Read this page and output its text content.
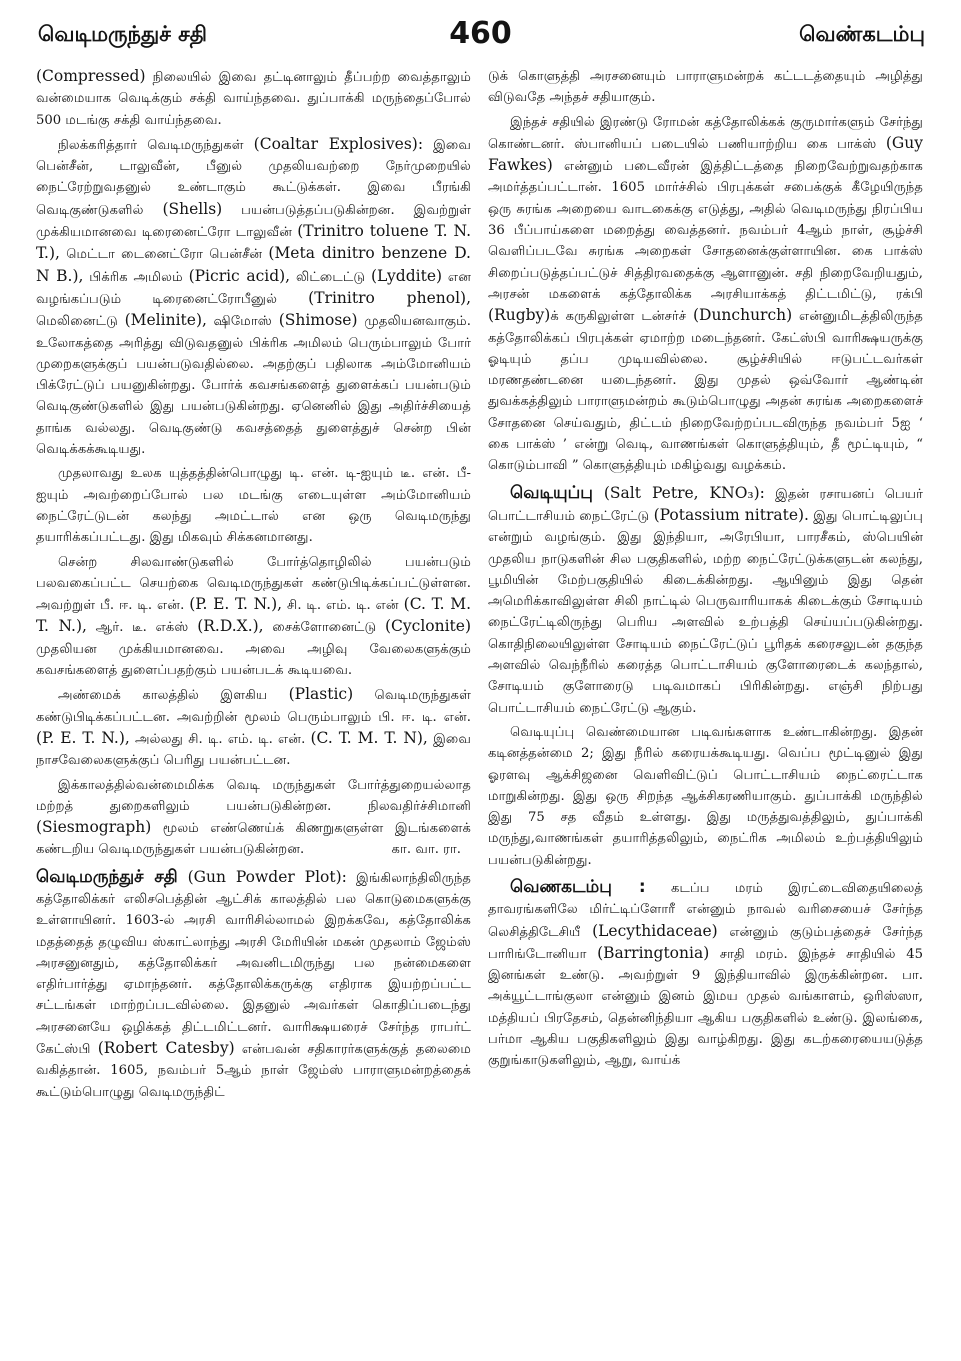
வெடிமருந்துச் சதி	460	வெண்கடம்பு

(Compressed) நிலையில் இவை தட்டினாலும் தீப்பற்ற வைத்தாலும் வன்மையாக வெடிக்கும் சக்தி வாய்ந்தவை. துப்பாக்கி மருந்தைப்போல் 500 மடங்கு சக்தி வாய்ந்தவை.

நிலக்கரித்தார் வெடிமருந்துகள் (Coaltar Explosives): இவை பென்சீன், டாலுவீன், பீனுல் முதலியவற்றை நேர்முறையில் நைட்ரேற்றுவதனுல் உண்டாகும் கூட்டுக்கள். இவை பீரங்கி வெடிகுண்டுகளில் (Shells) பயன்படுத்தப்படுகின்றன. இவற்றுள் முக்கியமானவை டிரைனைட்ரோ டாலுவீன் (Trinitro toluene T. N. T.), மெட்டா டைனைட்ரோ பென்சீன் (Meta dinitro benzene D. N B.), பிக்ரிக அமிலம் (Picric acid), லிட்டைட்டு (Lyddite) என வழங்கப்படும் டிரைனைட்ரோபீனுல் (Trinitro phenol), மெலினைட்டு (Melinite), ஷிமோஸ் (Shimose) முதலியனவாகும். உலோகத்தை அரித்து விடுவதனுல் பிக்ரிக அமிலம் பெரும்பாலும் போர் முறைகளுக்குப் பயன்படுவதில்லை. அதற்குப் பதிலாக அம்மோனியம் பிக்ரேட்டுப் பயனுகின்றது. போர்க் கவசங்களைத் துளைக்கப் பயன்படும் வெடிகுண்டுகளில் இது பயன்படுகின்றது. ஏனெனில் இது அதிர்ச்சியைத் தாங்க வல்லது. வெடிகுண்டு கவசத்தைத் துளைத்துச் சென்ற பின் வெடிக்கக்கூடியது.

முதலாவது உலக யுத்தத்தின்பொழுது டி. என். டி-ஐயும் டீ. என். பீ-ஐயும் அவற்றைப்போல் பல மடங்கு எடையுள்ள அம்மோனியம் நைட்ரேட்டுடன் கலந்து அமட்டால் என ஒரு வெடிமருந்து தயாரிக்கப்பட்டது. இது மிகவும் சிக்கனமானது.

சென்ற சிலவாண்டுகளில் போர்த்தொழிலில் பயன்படும் பலவகைப்பட்ட செயற்கை வெடிமருந்துகள் கண்டுபிடிக்கப்பட்டுள்ளன. அவற்றுள் பீ. ஈ. டி. என். (P. E. T. N.), சி. டி. எம். டி. என் (C. T. M. T. N.), ஆர். டீ. எக்ஸ் (R.D.X.), சைக்ளோனைட்டு (Cyclonite) முதலியன முக்கியமானவை. அவை அழிவு வேலைகளுக்கும் கவசங்களைத் துளைப்பதற்கும் பயன்படக் கூடியவை.

அண்மைக் காலத்தில் இளகிய (Plastic) வெடிமருந்துகள் கண்டுபிடிக்கப்பட்டன. அவற்றின் மூலம் பெரும்பாலும் பி. ஈ. டி. என். (P. E. T. N.), அல்லது சி. டி. எம். டி. என். (C. T. M. T. N), இவை நாசவேலைகளுக்குப் பெரிது பயன்பட்டன.

இக்காலத்தில்வன்மைமிக்க வெடி மருந்துகள் போர்த்துறையல்லாத மற்றத் துறைகளிலும் பயன்படுகின்றன. நிலவதிர்ச்சிமானி (Siesmograph) மூலம் எண்ணெய்க் கிணறுகளுள்ள இடங்களைக் கண்டறிய வெடிமருந்துகள் பயன்படுகின்றன.	கா. வா. ரா.

வெடிமருந்துச் சதி (Gun Powder Plot): இங்கிலாந்திலிருந்த கத்தோலிக்கர் எலிசபெத்தின் ஆட்சிக் காலத்தில் பல கொடுமைகளுக்கு உள்ளாயினர். 1603-ல் அரசி வாரிசில்லாமல் இறக்கவே, கத்தோலிக்க மதத்தைத் தழுவிய ஸ்காட்லாந்து அரசி மேரியின் மகன் முதலாம் ஜேம்ஸ் அரசனுனதும், கத்தோலிக்கர் அவனிடமிருந்து பல நன்மைகளை எதிர்பார்த்து ஏமாந்தனர். கத்தோலிக்கருக்கு எதிராக இயற்றப்பட்ட சட்டங்கள் மாற்றப்படவில்லை. இதனுல் அவர்கள் கொதிப்படைந்து அரசனையே ஒழிக்கத் திட்டமிட்டனர். வாரிக்ஷயரைச் சேர்ந்த ராபர்ட் கேட்ஸ்பி (Robert Catesby) என்பவன் சதிகாரர்களுக்குத் தலைமை வகித்தான். 1605, நவம்பர் 5ஆம் நாள் ஜேம்ஸ் பாராளுமன்றத்தைக் கூட்டும்பொழுது வெடிமருந்திட்

டுக் கொளுத்தி அரசனையும் பாராளுமன்றக் கட்டடத்தையும் அழித்து விடுவதே அந்தச் சதியாகும்.

இந்தச் சதியில் இரண்டு ரோமன் கத்தோலிக்கக் குருமார்களும் சேர்ந்து கொண்டனர். ஸ்பானியப் படையில் பணியாற்றிய கை பாக்ஸ் (Guy Fawkes) என்னும் படைவீரன் இத்திட்டத்தை நிறைவேற்றுவதற்காக அமர்த்தப்பட்டான். 1605 மார்ச்சில் பிரபுக்கள் சபைக்குக் கீழேயிருந்த ஒரு சுரங்க அறையை வாடகைக்கு எடுத்து, அதில் வெடிமருந்து நிரப்பிய 36 பீப்பாய்களை மறைத்து வைத்தனர். நவம்பர் 4ஆம் நாள், சூழ்ச்சி வெளிப்படவே சுரங்க அறைகள் சோதனைக்குள்ளாயின. கை பாக்ஸ் சிறைப்படுத்தப்பட்டுச் சித்திரவதைக்கு ஆளானுன். சதி நிறைவேறியதும், அரசன் மகளைக் கத்தோலிக்க அரசியாக்கத் திட்டமிட்டு, ரக்பி (Rugby)க் கருகிலுள்ள டன்சர்ச் (Dunchurch) என்னுமிடத்திலிருந்த கத்தோலிக்கப் பிரபுக்கள் ஏமாற்ற மடைந்தனர். கேட்ஸ்பி வாரிக்ஷயருக்கு ஓடியும் தப்ப முடியவில்லை. சூழ்ச்சியில் ஈடுபட்டவர்கள் மரணதண்டனை யடைந்தனர். இது முதல் ஒவ்வோர் ஆண்டின் துவக்கத்திலும் பாராளுமன்றம் கூடும்பொழுது அதன் சுரங்க அறைகளைச் சோதனை செய்வதும், திட்டம் நிறைவேற்றப்படவிருந்த நவம்பர் 5ஐ ‘ கை பாக்ஸ் ’ என்று வெடி, வாணங்கள் கொளுத்தியும், தீ மூட்டியும், “ கொடும்பாவி ” கொளுத்தியும் மகிழ்வது வழக்கம்.

வெடியுப்பு (Salt Petre, KNO₃): இதன் ரசாயனப் பெயர் பொட்டாசியம் நைட்ரேட்டு (Potassium nitrate). இது பொட்டிலுப்பு என்றும் வழங்கும். இது இந்தியா, அரேபியா, பாரசீகம், ஸ்பெயின் முதலிய நாடுகளின் சில பகுதிகளில், மற்ற நைட்ரேட்டுக்களுடன் கலந்து, பூமியின் மேற்பகுதியில் கிடைக்கின்றது. ஆயினும் இது தென் அமெரிக்காவிலுள்ள சிலி நாட்டில் பெருவாரியாகக் கிடைக்கும் சோடியம் நைட்ரேட்டிலிருந்து பெரிய அளவில் உற்பத்தி செய்யப்படுகின்றது. கொதிநிலையிலுள்ள சோடியம் நைட்ரேட்டுப் பூரிதக் கரைசலுடன் தகுந்த அளவில் வெந்நீரில் கரைத்த பொட்டாசியம் குளோரைடைக் கலந்தால், சோடியம் குளோரைடு படிவமாகப் பிரிகின்றது. எஞ்சி நிற்பது பொட்டாசியம் நைட்ரேட்டு ஆகும்.

வெடியுப்பு வெண்மையான படிவங்களாக உண்டாகின்றது. இதன் கடினத்தன்மை 2; இது நீரில் கரையக்கூடியது. வெப்ப மூட்டினுல் இது ஓரளவு ஆக்சிஜனை வெளிவிட்டுப் பொட்டாசியம் நைட்ரைட்டாக மாறுகின்றது. இது ஒரு சிறந்த ஆக்சிகரணியாகும். துப்பாக்கி மருந்தில் இது 75 சத வீதம் உள்ளது. இது மருத்துவத்திலும், துப்பாக்கி மருந்து,வாணங்கள் தயாரித்தலிலும், நைட்ரிக அமிலம் உற்பத்தியிலும் பயன்படுகின்றது.

வெணகடம்பு : கடப்ப மரம் இரட்டைவிதையிலைத் தாவரங்களிலே மிர்ட்டிப்ளோரீ என்னும் நாவல் வரிசையைச் சேர்ந்த லெசித்திடேசியீ (Lecythidaceae) என்னும் குடும்பத்தைச் சேர்ந்த பாரிங்டோனியா (Barringtonia) சாதி மரம். இந்தச் சாதியில் 45 இனங்கள் உண்டு. அவற்றுள் 9 இந்தியாவில் இருக்கின்றன. பா. அக்யூட்டாங்குலா என்னும் இனம் இமய முதல் வங்காளம், ஒரிஸ்ஸா, மத்தியப் பிரதேசம், தென்னிந்தியா ஆகிய பகுதிகளில் உண்டு. இலங்கை, பர்மா ஆகிய பகுதிகளிலும் இது வாழ்கிறது. இது கடற்கரையையடுத்த குறுங்காடுகளிலும், ஆறு, வாய்க்
